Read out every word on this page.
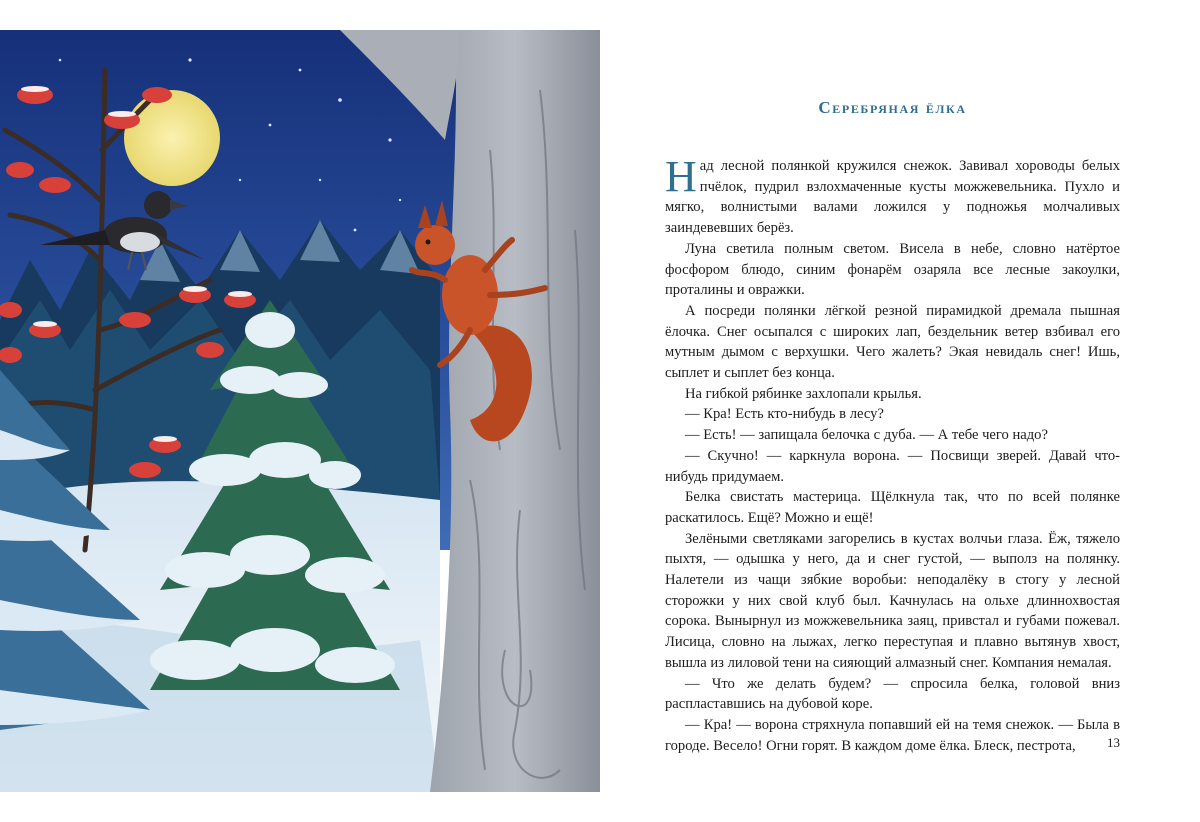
Серебряная ёлка

Над лесной полянкой кружился снежок. Завивал хороводы белых пчёлок, пудрил взлохмаченные кусты можжевельника. Пухло и мягко, волнистыми валами ложился у подножья молчаливых заиндевевших берёз.

Луна светила полным светом. Висела в небе, словно натёртое фосфором блюдо, синим фонарём озаряла все лесные закоулки, проталины и овражки.

А посреди полянки лёгкой резной пирамидкой дремала пышная ёлочка. Снег осыпался с широких лап, бездельник ветер взбивал его мутным дымом с верхушки. Чего жалеть? Экая невидаль снег! Ишь, сыплет и сыплет без конца.

На гибкой рябинке захлопали крылья.

— Кра! Есть кто-нибудь в лесу?

— Есть! — запищала белочка с дуба. — А тебе чего надо?

— Скучно! — каркнула ворона. — Посвищи зверей. Давай что-нибудь придумаем.

Белка свистать мастерица. Щёлкнула так, что по всей полянке раскатилось. Ещё? Можно и ещё!

Зелёными светляками загорелись в кустах волчьи глаза. Ёж, тяжело пыхтя, — одышка у него, да и снег густой, — выполз на полянку. Налетели из чащи зябкие воробьи: неподалёку в стогу у лесной сторожки у них свой клуб был. Качнулась на ольхе длиннохвостая сорока. Вынырнул из можжевельника заяц, привстал и губами пожевал. Лисица, словно на лыжах, легко переступая и плавно вытянув хвост, вышла из лиловой тени на сияющий алмазный снег. Компания немалая.

— Что же делать будем? — спросила белка, головой вниз распластавшись на дубовой коре.

— Кра! — ворона стряхнула попавший ей на темя снежок. — Была в городе. Весело! Огни горят. В каждом доме ёлка. Блеск, пестрота,	13
